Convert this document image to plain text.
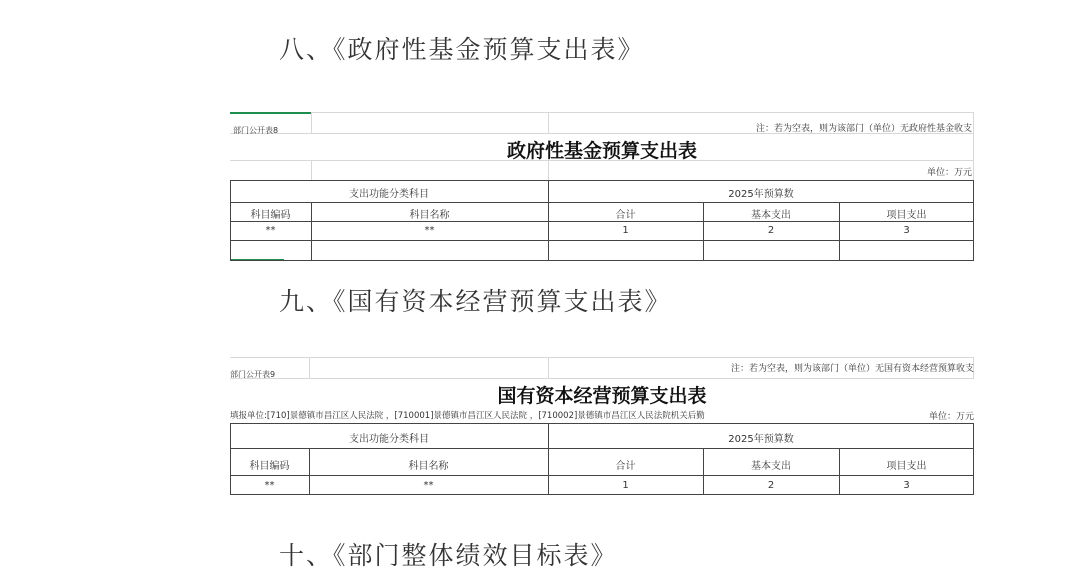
八、《政府性基金预算支出表》
部门公开表8	注：若为空表，则为该部门（单位）无政府性基金收支
政府性基金预算支出表
单位：万元
支出功能分类科目	2025年预算数
科目编码	科目名称	合计	基本支出	项目支出
**	**	1	2	3
九、《国有资本经营预算支出表》
部门公开表9
注：若为空表，则为该部门（单位）无国有资本经营预算收支
国有资本经营预算支出表
填报单位:[710]景德镇市昌江区人民法院 ，[710001]景德镇市昌江区人民法院 ，[710002]景德镇市昌江区人民法院机关后勤	单位：万元
支出功能分类科目	2025年预算数
科目编码	科目名称	合计	基本支出	项目支出
**	**	1	2	3
十、《部门整体绩效目标表》
